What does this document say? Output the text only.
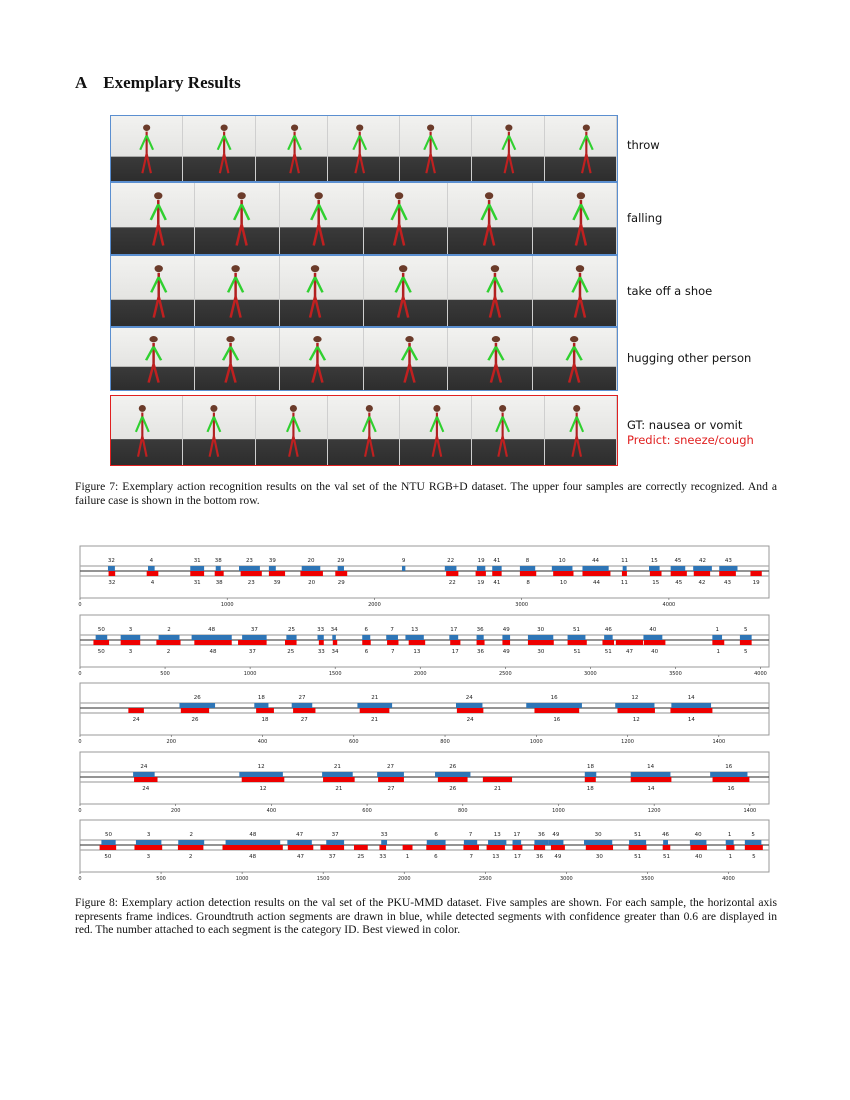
A Exemplary Results
throw
falling
take off a shoe
hugging other person
GT: nausea or vomit
Predict: sneeze/cough
Figure 7: Exemplary action recognition results on the val set of the NTU RGB+D dataset. The upper four samples are correctly recognized. And a failure case is shown in the bottom row.
32	4	31	38	23	39	20	29	9	22	19 41	8	10	44	11	15	45	42	43
32	4	31	38	23	39	20	29	22	19 41	8	10	44	11	15	45	42	43	19
0	1000	2000	3000	4000
50	3	2	48	37	25	33 34	6	7	13	17	36	49	30	51	46	40	1	5
50	3	2	48	37	25	33 34	6	7	13	17	36	49	30	51	51	47	40	1	5
0	500	1000	1500	2000	2500	3000	3500	4000
26	18	27	21	24	16	12	14
24	26	18	27	21	24	16	12	14
0	200	400	600	800	1000	1200	1400
24	12	21	27	26	18	14	16
24	12	21	27	26	21	18	14	16
0	200	400	600	800	1000	1200	1400
50	3	2	48	47	37	33	6	7	13 17	36 49	30	51	46	40	1	5
50	3	2	48	47	37	25	33	1	6	7	13	17	36 49	30	51	51	40	1	5
0	500	1000	1500	2000	2500	3000	3500	4000
Figure 8: Exemplary action detection results on the val set of the PKU-MMD dataset. Five samples are shown. For each sample, the horizontal axis represents frame indices. Groundtruth action segments are drawn in blue, while detected segments with confidence greater than 0.6 are displayed in red. The number attached to each segment is the category ID. Best viewed in color.
